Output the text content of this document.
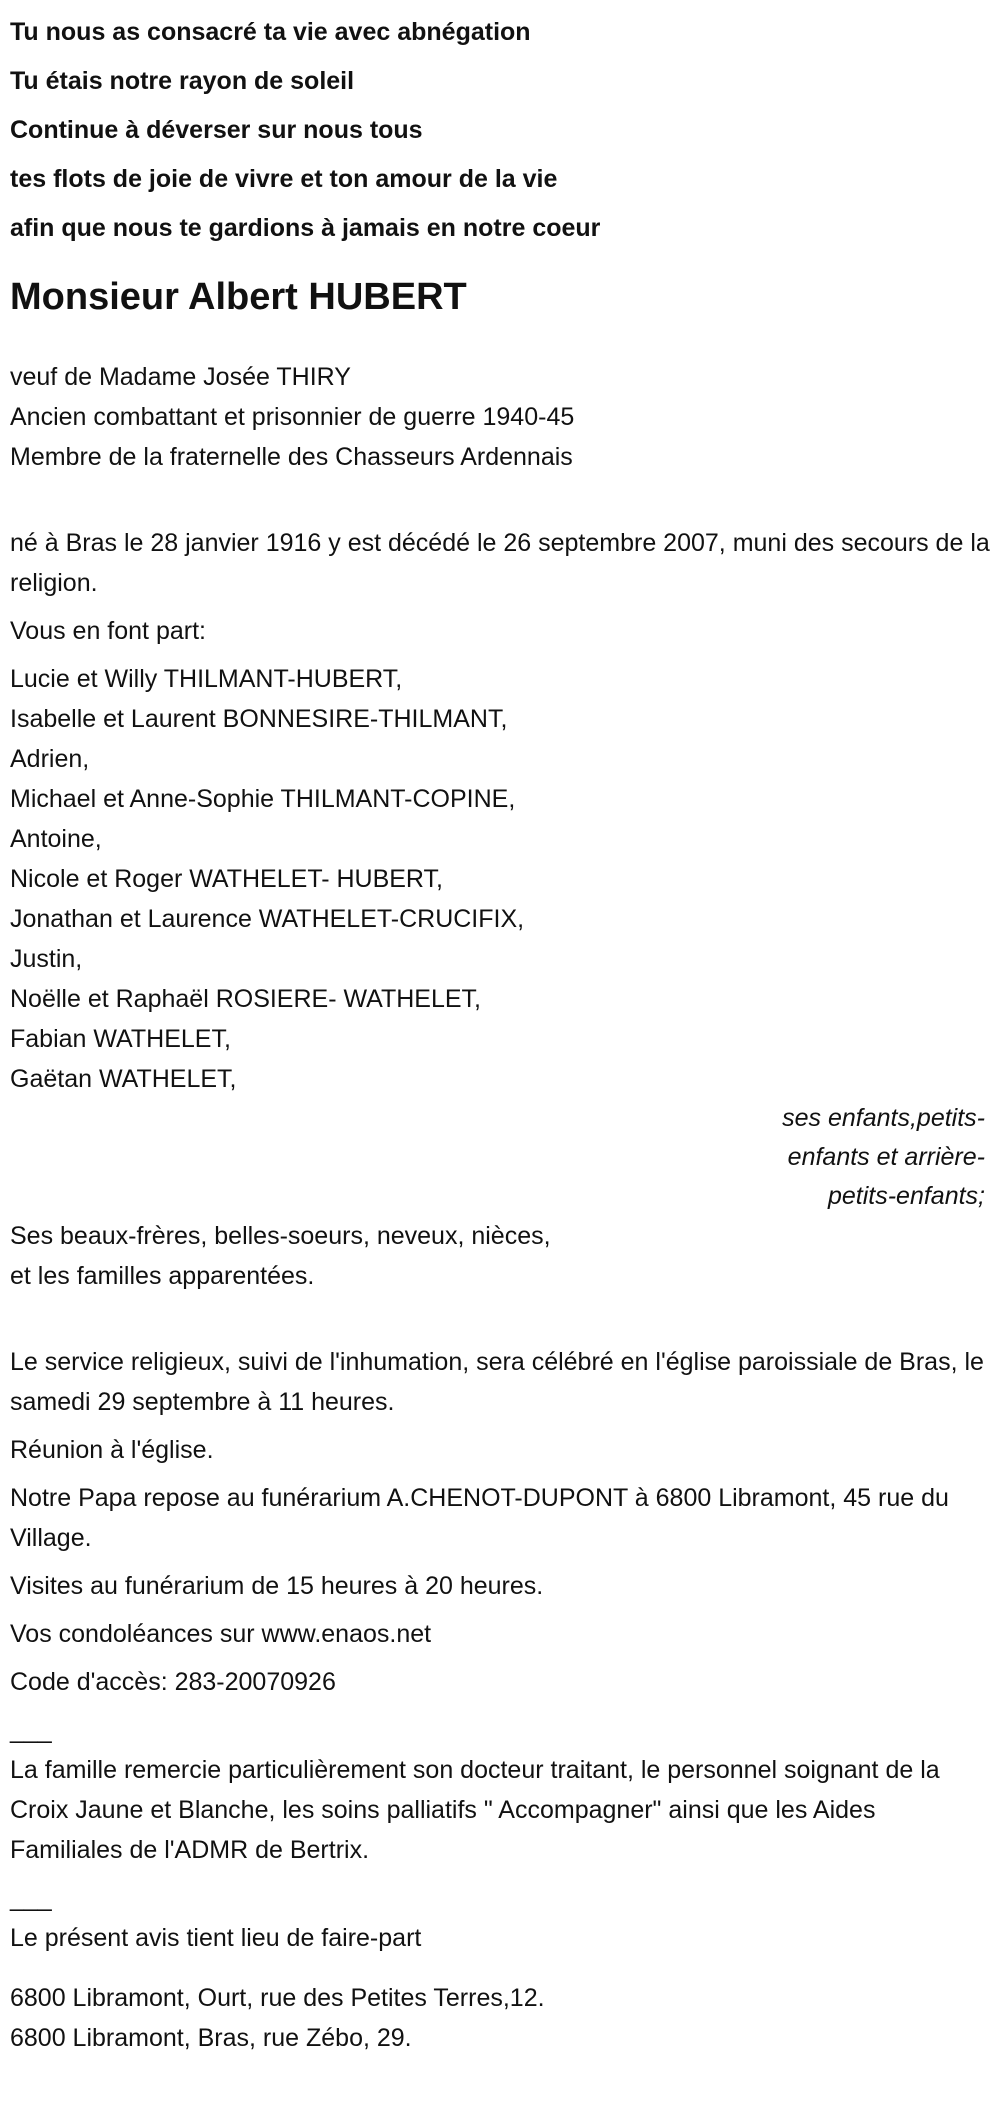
Tu nous as consacré ta vie avec abnégation
Tu étais notre rayon de soleil
Continue à déverser sur nous tous
tes flots de joie de vivre et ton amour de la vie
afin que nous te gardions à jamais en notre coeur
Monsieur Albert HUBERT

veuf de Madame Josée THIRY

Ancien combattant et prisonnier de guerre 1940-45

Membre de la fraternelle des Chasseurs Ardennais

né à Bras le 28 janvier 1916 y est décédé le 26 septembre 2007, muni des secours de la religion.

Vous en font part:

Lucie et Willy THILMANT-HUBERT,

Isabelle et Laurent BONNESIRE-THILMANT,

Adrien,

Michael et Anne-Sophie THILMANT-COPINE,

Antoine,

Nicole et Roger WATHELET- HUBERT,

Jonathan et Laurence WATHELET-CRUCIFIX,

Justin,

Noëlle et Raphaël ROSIERE- WATHELET,

Fabian WATHELET,

Gaëtan WATHELET,

ses enfants,petits-
enfants et arrière-
petits-enfants;

Ses beaux-frères, belles-soeurs, neveux, nièces,

et les familles apparentées.

Le service religieux, suivi de l'inhumation, sera célébré en l'église paroissiale de Bras, le samedi 29 septembre à 11 heures.

Réunion à l'église.

Notre Papa repose au funérarium A.CHENOT-DUPONT à 6800 Libramont, 45 rue du Village.

Visites au funérarium de 15 heures à 20 heures.

Vos condoléances sur www.enaos.net

Code d'accès: 283-20070926

___

La famille remercie particulièrement son docteur traitant, le personnel soignant de la Croix Jaune et Blanche, les soins palliatifs " Accompagner" ainsi que les Aides Familiales de l'ADMR de Bertrix.

___

Le présent avis tient lieu de faire-part

6800 Libramont, Ourt, rue des Petites Terres,12.

6800 Libramont, Bras, rue Zébo, 29.
